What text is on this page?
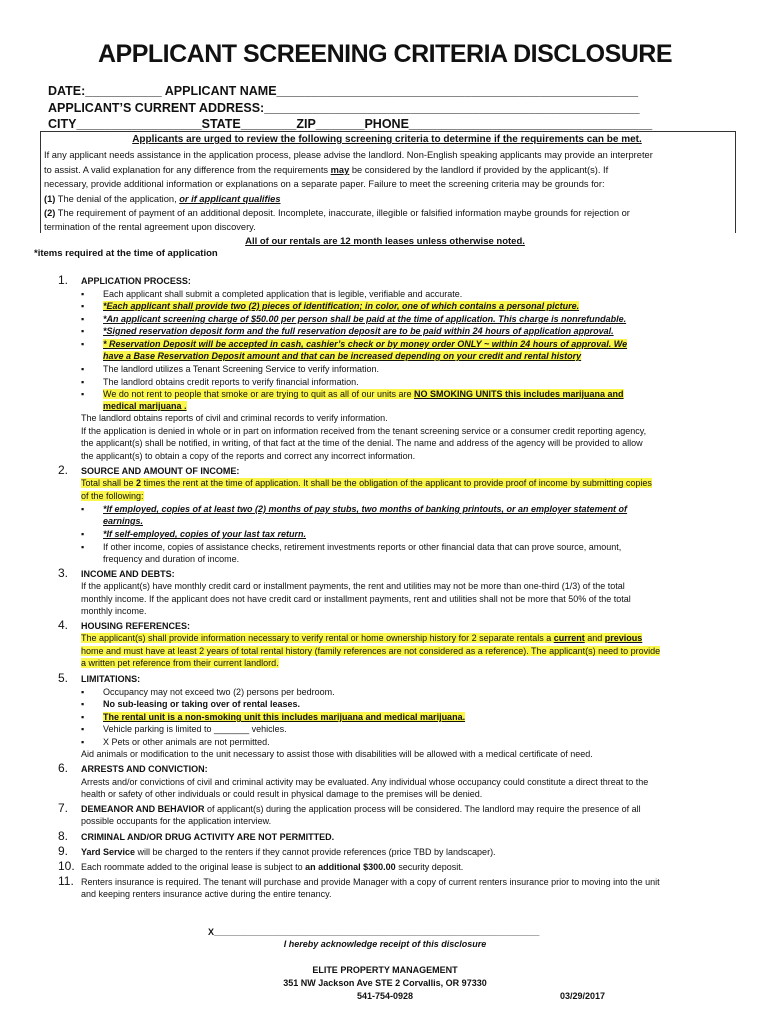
APPLICANT SCREENING CRITERIA DISCLOSURE
DATE:___________ APPLICANT NAME____________________________________________________
APPLICANT’S CURRENT ADDRESS:______________________________________________________
CITY__________________STATE________ZIP_______PHONE___________________________________
Applicants are urged to review the following screening criteria to determine if the requirements can be met.
If any applicant needs assistance in the application process, please advise the landlord. Non-English speaking applicants may provide an interpreter
to assist. A valid explanation for any difference from the requirements may be considered by the landlord if provided by the applicant(s). If
necessary, provide additional information or explanations on a separate paper. Failure to meet the screening criteria may be grounds for:
(1) The denial of the application, or if applicant qualifies
(2) The requirement of payment of an additional deposit. Incomplete, inaccurate, illegible or falsified information maybe grounds for rejection or
termination of the rental agreement upon discovery.
All of our rentals are 12 month leases unless otherwise noted.
*items required at the time of application
1. APPLICATION PROCESS:
▪ Each applicant shall submit a completed application that is legible, verifiable and accurate.
▪ *Each applicant shall provide two (2) pieces of identification; in color, one of which contains a personal picture.
▪ *An applicant screening charge of $50.00 per person shall be paid at the time of application. This charge is nonrefundable.
▪ *Signed reservation deposit form and the full reservation deposit are to be paid within 24 hours of application approval.
▪ * Reservation Deposit will be accepted in cash, cashier’s check or by money order ONLY ~ within 24 hours of approval. We
have a Base Reservation Deposit amount and that can be increased depending on your credit and rental history
▪ The landlord utilizes a Tenant Screening Service to verify information.
▪ The landlord obtains credit reports to verify financial information.
▪ We do not rent to people that smoke or are trying to quit as all of our units are NO SMOKING UNITS this includes marijuana and
medical marijuana .
The landlord obtains reports of civil and criminal records to verify information.
If the application is denied in whole or in part on information received from the tenant screening service or a consumer credit reporting agency,
the applicant(s) shall be notified, in writing, of that fact at the time of the denial. The name and address of the agency will be provided to allow
the applicant(s) to obtain a copy of the reports and correct any incorrect information.
2. SOURCE AND AMOUNT OF INCOME:
Total shall be 2 times the rent at the time of application. It shall be the obligation of the applicant to provide proof of income by submitting copies
of the following:
▪ *If employed, copies of at least two (2) months of pay stubs, two months of banking printouts, or an employer statement of
earnings.
▪ *If self-employed, copies of your last tax return.
▪ If other income, copies of assistance checks, retirement investments reports or other financial data that can prove source, amount,
frequency and duration of income.
3. INCOME AND DEBTS:
If the applicant(s) have monthly credit card or installment payments, the rent and utilities may not be more than one-third (1/3) of the total
monthly income. If the applicant does not have credit card or installment payments, rent and utilities shall not be more that 50% of the total
monthly income.
4. HOUSING REFERENCES:
The applicant(s) shall provide information necessary to verify rental or home ownership history for 2 separate rentals a current and previous
home and must have at least 2 years of total rental history (family references are not considered as a reference). The applicant(s) need to provide
a written pet reference from their current landlord.
5. LIMITATIONS:
▪ Occupancy may not exceed two (2) persons per bedroom.
▪ No sub-leasing or taking over of rental leases.
▪ The rental unit is a non-smoking unit this includes marijuana and medical marijuana.
▪ Vehicle parking is limited to _______ vehicles.
▪ X Pets or other animals are not permitted.
Aid animals or modification to the unit necessary to assist those with disabilities will be allowed with a medical certificate of need.
6. ARRESTS AND CONVICTION:
Arrests and/or convictions of civil and criminal activity may be evaluated. Any individual whose occupancy could constitute a direct threat to the
health or safety of other individuals or could result in physical damage to the premises will be denied.
7. DEMEANOR AND BEHAVIOR of applicant(s) during the application process will be considered. The landlord may require the presence of all
possible occupants for the application interview.
8. CRIMINAL AND/OR DRUG ACTIVITY ARE NOT PERMITTED.
9. Yard Service will be charged to the renters if they cannot provide references (price TBD by landscaper).
10. Each roommate added to the original lease is subject to an additional $300.00 security deposit.
11. Renters insurance is required. The tenant will purchase and provide Manager with a copy of current renters insurance prior to moving into the unit
and keeping renters insurance active during the entire tenancy.
X_________________________________________________________________
I hereby acknowledge receipt of this disclosure
ELITE PROPERTY MANAGEMENT
351 NW Jackson Ave STE 2 Corvallis, OR 97330
541-754-0928	03/29/2017
